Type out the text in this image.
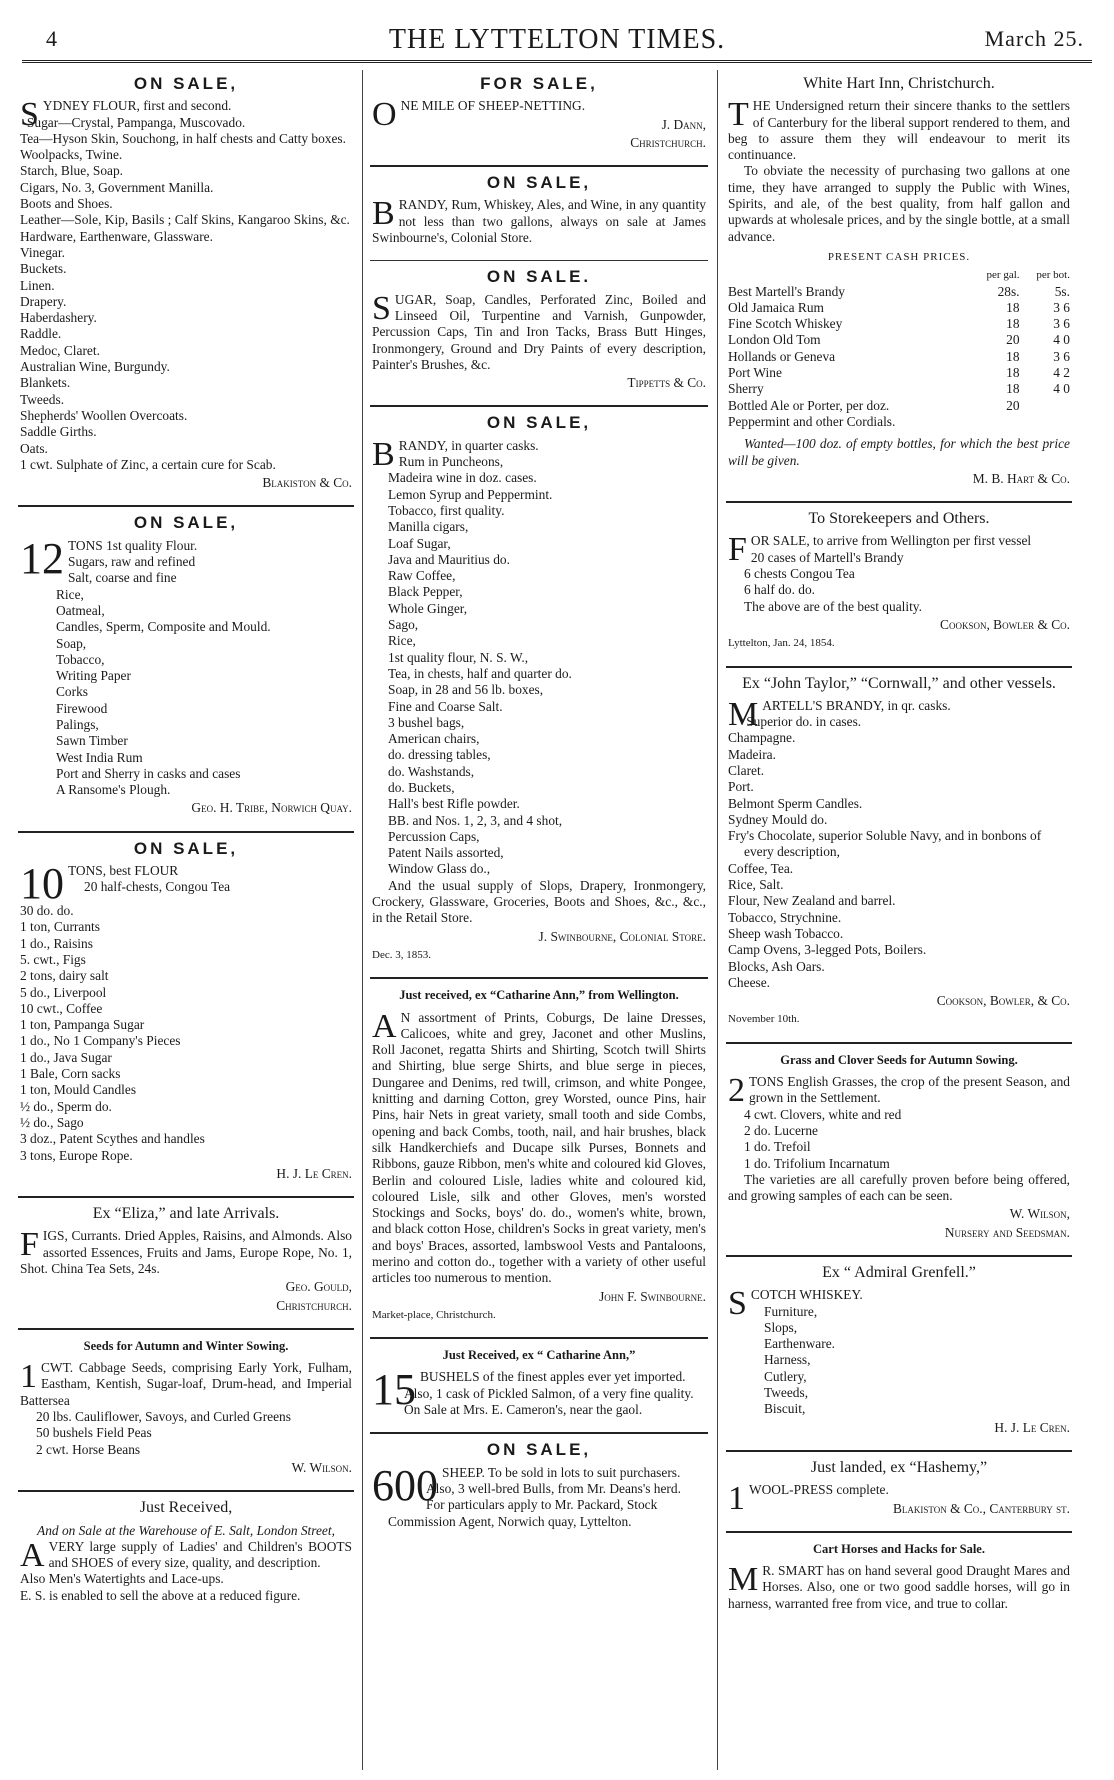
4	THE LYTTELTON TIMES.	March 25.
ON SALE,

SYDNEY FLOUR, first and second.

Sugar—Crystal, Pampanga, Muscovado.
Tea—Hyson Skin, Souchong, in half chests and Catty boxes.
Woolpacks, Twine.
Starch, Blue, Soap.
Cigars, No. 3, Government Manilla.
Boots and Shoes.
Leather—Sole, Kip, Basils ; Calf Skins, Kangaroo Skins, &c.
Hardware, Earthenware, Glassware.
Vinegar.
Buckets.
Linen.
Drapery.
Haberdashery.
Raddle.
Medoc, Claret.
Australian Wine, Burgundy.
Blankets.
Tweeds.
Shepherds' Woollen Overcoats.
Saddle Girths.
Oats.
1 cwt. Sulphate of Zinc, a certain cure for Scab.
Blakiston & Co.
ON SALE,

12 TONS 1st quality Flour.

Sugars, raw and refined
Salt, coarse and fine
Rice,
Oatmeal,
Candles, Sperm, Composite and Mould.
Soap,
Tobacco,
Writing Paper
Corks
Firewood
Palings,
Sawn Timber
West India Rum
Port and Sherry in casks and cases
A Ransome's Plough.
Geo. H. Tribe, Norwich Quay.
ON SALE,

10 TONS, best FLOUR
20 half-chests, Congou Tea

30 do. do.
1 ton, Currants
1 do., Raisins
5. cwt., Figs
2 tons, dairy salt
5 do., Liverpool
10 cwt., Coffee
1 ton, Pampanga Sugar
1 do., No 1 Company's Pieces
1 do., Java Sugar
1 Bale, Corn sacks
1 ton, Mould Candles
½ do., Sperm do.
½ do., Sago
3 doz., Patent Scythes and handles
3 tons, Europe Rope.
H. J. Le Cren.
Ex “Eliza,” and late Arrivals.

FIGS, Currants. Dried Apples, Raisins, and Almonds. Also assorted Essences, Fruits and Jams, Europe Rope, No. 1, Shot. China Tea Sets, 24s.

Geo. Gould,
Christchurch.
Seeds for Autumn and Winter Sowing.

1 CWT. Cabbage Seeds, comprising Early York, Fulham, Eastham, Kentish, Sugar-loaf, Drum-head, and Imperial Battersea

20 lbs. Cauliflower, Savoys, and Curled Greens
50 bushels Field Peas
2 cwt. Horse Beans
W. Wilson.
Just Received,
And on Sale at the Warehouse of E. Salt, London Street,

AVERY large supply of Ladies' and Children's BOOTS and SHOES of every size, quality, and description.

Also Men's Watertights and Lace-ups.
E. S. is enabled to sell the above at a reduced figure.
FOR SALE,

ONE MILE OF SHEEP-NETTING.

J. Dann,
Christchurch.
ON SALE,

BRANDY, Rum, Whiskey, Ales, and Wine, in any quantity not less than two gallons, always on sale at James Swinbourne's, Colonial Store.

ON SALE.

SUGAR, Soap, Candles, Perforated Zinc, Boiled and Linseed Oil, Turpentine and Varnish, Gunpowder, Percussion Caps, Tin and Iron Tacks, Brass Butt Hinges, Ironmongery, Ground and Dry Paints of every description, Painter's Brushes, &c.

Tippetts & Co.
ON SALE,

BRANDY, in quarter casks.

Rum in Puncheons,
Madeira wine in doz. cases.
Lemon Syrup and Peppermint.
Tobacco, first quality.
Manilla cigars,
Loaf Sugar,
Java and Mauritius do.
Raw Coffee,
Black Pepper,
Whole Ginger,
Sago,
Rice,
1st quality flour, N. S. W.,
Tea, in chests, half and quarter do.
Soap, in 28 and 56 lb. boxes,
Fine and Coarse Salt.
3 bushel bags,
American chairs,
do. dressing tables,
do. Washstands,
do. Buckets,
Hall's best Rifle powder.
BB. and Nos. 1, 2, 3, and 4 shot,
Percussion Caps,
Patent Nails assorted,
Window Glass do.,

And the usual supply of Slops, Drapery, Ironmongery, Crockery, Glassware, Groceries, Boots and Shoes, &c., &c., in the Retail Store.

J. Swinbourne, Colonial Store.
Dec. 3, 1853.
Just received, ex “Catharine Ann,” from Wellington.

A N assortment of Prints, Coburgs, De laine Dresses, Calicoes, white and grey, Jaconet and other Muslins, Roll Jaconet, regatta Shirts and Shirting, Scotch twill Shirts and Shirting, blue serge Shirts, and blue serge in pieces, Dungaree and Denims, red twill, crimson, and white Pongee, knitting and darning Cotton, grey Worsted, ounce Pins, hair Pins, hair Nets in great variety, small tooth and side Combs, opening and back Combs, tooth, nail, and hair brushes, black silk Handkerchiefs and Ducape silk Purses, Bonnets and Ribbons, gauze Ribbon, men's white and coloured kid Gloves, Berlin and coloured Lisle, ladies white and coloured kid, coloured Lisle, silk and other Gloves, men's worsted Stockings and Socks, boys' do. do., women's white, brown, and black cotton Hose, children's Socks in great variety, men's and boys' Braces, assorted, lambswool Vests and Pantaloons, merino and cotton do., together with a variety of other useful articles too numerous to mention.

John F. Swinbourne.
Market-place, Christchurch.
Just Received, ex “ Catharine Ann,”

15 BUSHELS of the finest apples ever yet imported.

Also, 1 cask of Pickled Salmon, of a very fine quality.
On Sale at Mrs. E. Cameron's, near the gaol.
ON SALE,

600 SHEEP. To be sold in lots to suit purchasers.

Also, 3 well-bred Bulls, from Mr. Deans's herd.
For particulars apply to Mr. Packard, Stock Commission Agent, Norwich quay, Lyttelton.
White Hart Inn, Christchurch.

THE Undersigned return their sincere thanks to the settlers of Canterbury for the liberal support rendered to them, and beg to assure them they will endeavour to merit its continuance.

To obviate the necessity of purchasing two gallons at one time, they have arranged to supply the Public with Wines, Spirits, and ale, of the best quality, from half gallon and upwards at wholesale prices, and by the single bottle, at a small advance.

PRESENT CASH PRICES.
	per gal.	per bot.
Best Martell's Brandy	28s.	5s.
Old Jamaica Rum	18	3 6
Fine Scotch Whiskey	18	3 6
London Old Tom	20	4 0
Hollands or Geneva	18	3 6
Port Wine	18	4 2
Sherry	18	4 0
Bottled Ale or Porter, per doz.	20	
Peppermint and other Cordials.

Wanted—100 doz. of empty bottles, for which the best price will be given.

M. B. Hart & Co.
To Storekeepers and Others.

FOR SALE, to arrive from Wellington per first vessel

20 cases of Martell's Brandy
6 chests Congou Tea
6 half do. do.
The above are of the best quality.
Cookson, Bowler & Co.
Lyttelton, Jan. 24, 1854.
Ex “John Taylor,” “Cornwall,” and other vessels.

MARTELL'S BRANDY, in qr. casks.

Superior do. in cases.
Champagne.
Madeira.
Claret.
Port.
Belmont Sperm Candles.
Sydney Mould do.
Fry's Chocolate, superior Soluble Navy, and in bonbons of every description,
Coffee, Tea.
Rice, Salt.
Flour, New Zealand and barrel.
Tobacco, Strychnine.
Sheep wash Tobacco.
Camp Ovens, 3-legged Pots, Boilers.
Blocks, Ash Oars.
Cheese.
Cookson, Bowler, & Co.
November 10th.
Grass and Clover Seeds for Autumn Sowing.

2 TONS English Grasses, the crop of the present Season, and grown in the Settlement.

4 cwt. Clovers, white and red
2 do. Lucerne
1 do. Trefoil
1 do. Trifolium Incarnatum

The varieties are all carefully proven before being offered, and growing samples of each can be seen.

W. Wilson,
Nursery and Seedsman.
Ex “ Admiral Grenfell.”

SCOTCH WHISKEY.

Furniture,
Slops,
Earthenware.
Harness,
Cutlery,
Tweeds,
Biscuit,
H. J. Le Cren.
Just landed, ex “Hashemy,”

1 WOOL-PRESS complete.

Blakiston & Co., Canterbury st.
Cart Horses and Hacks for Sale.

M R. SMART has on hand several good Draught Mares and Horses. Also, one or two good saddle horses, will go in harness, warranted free from vice, and true to collar.
